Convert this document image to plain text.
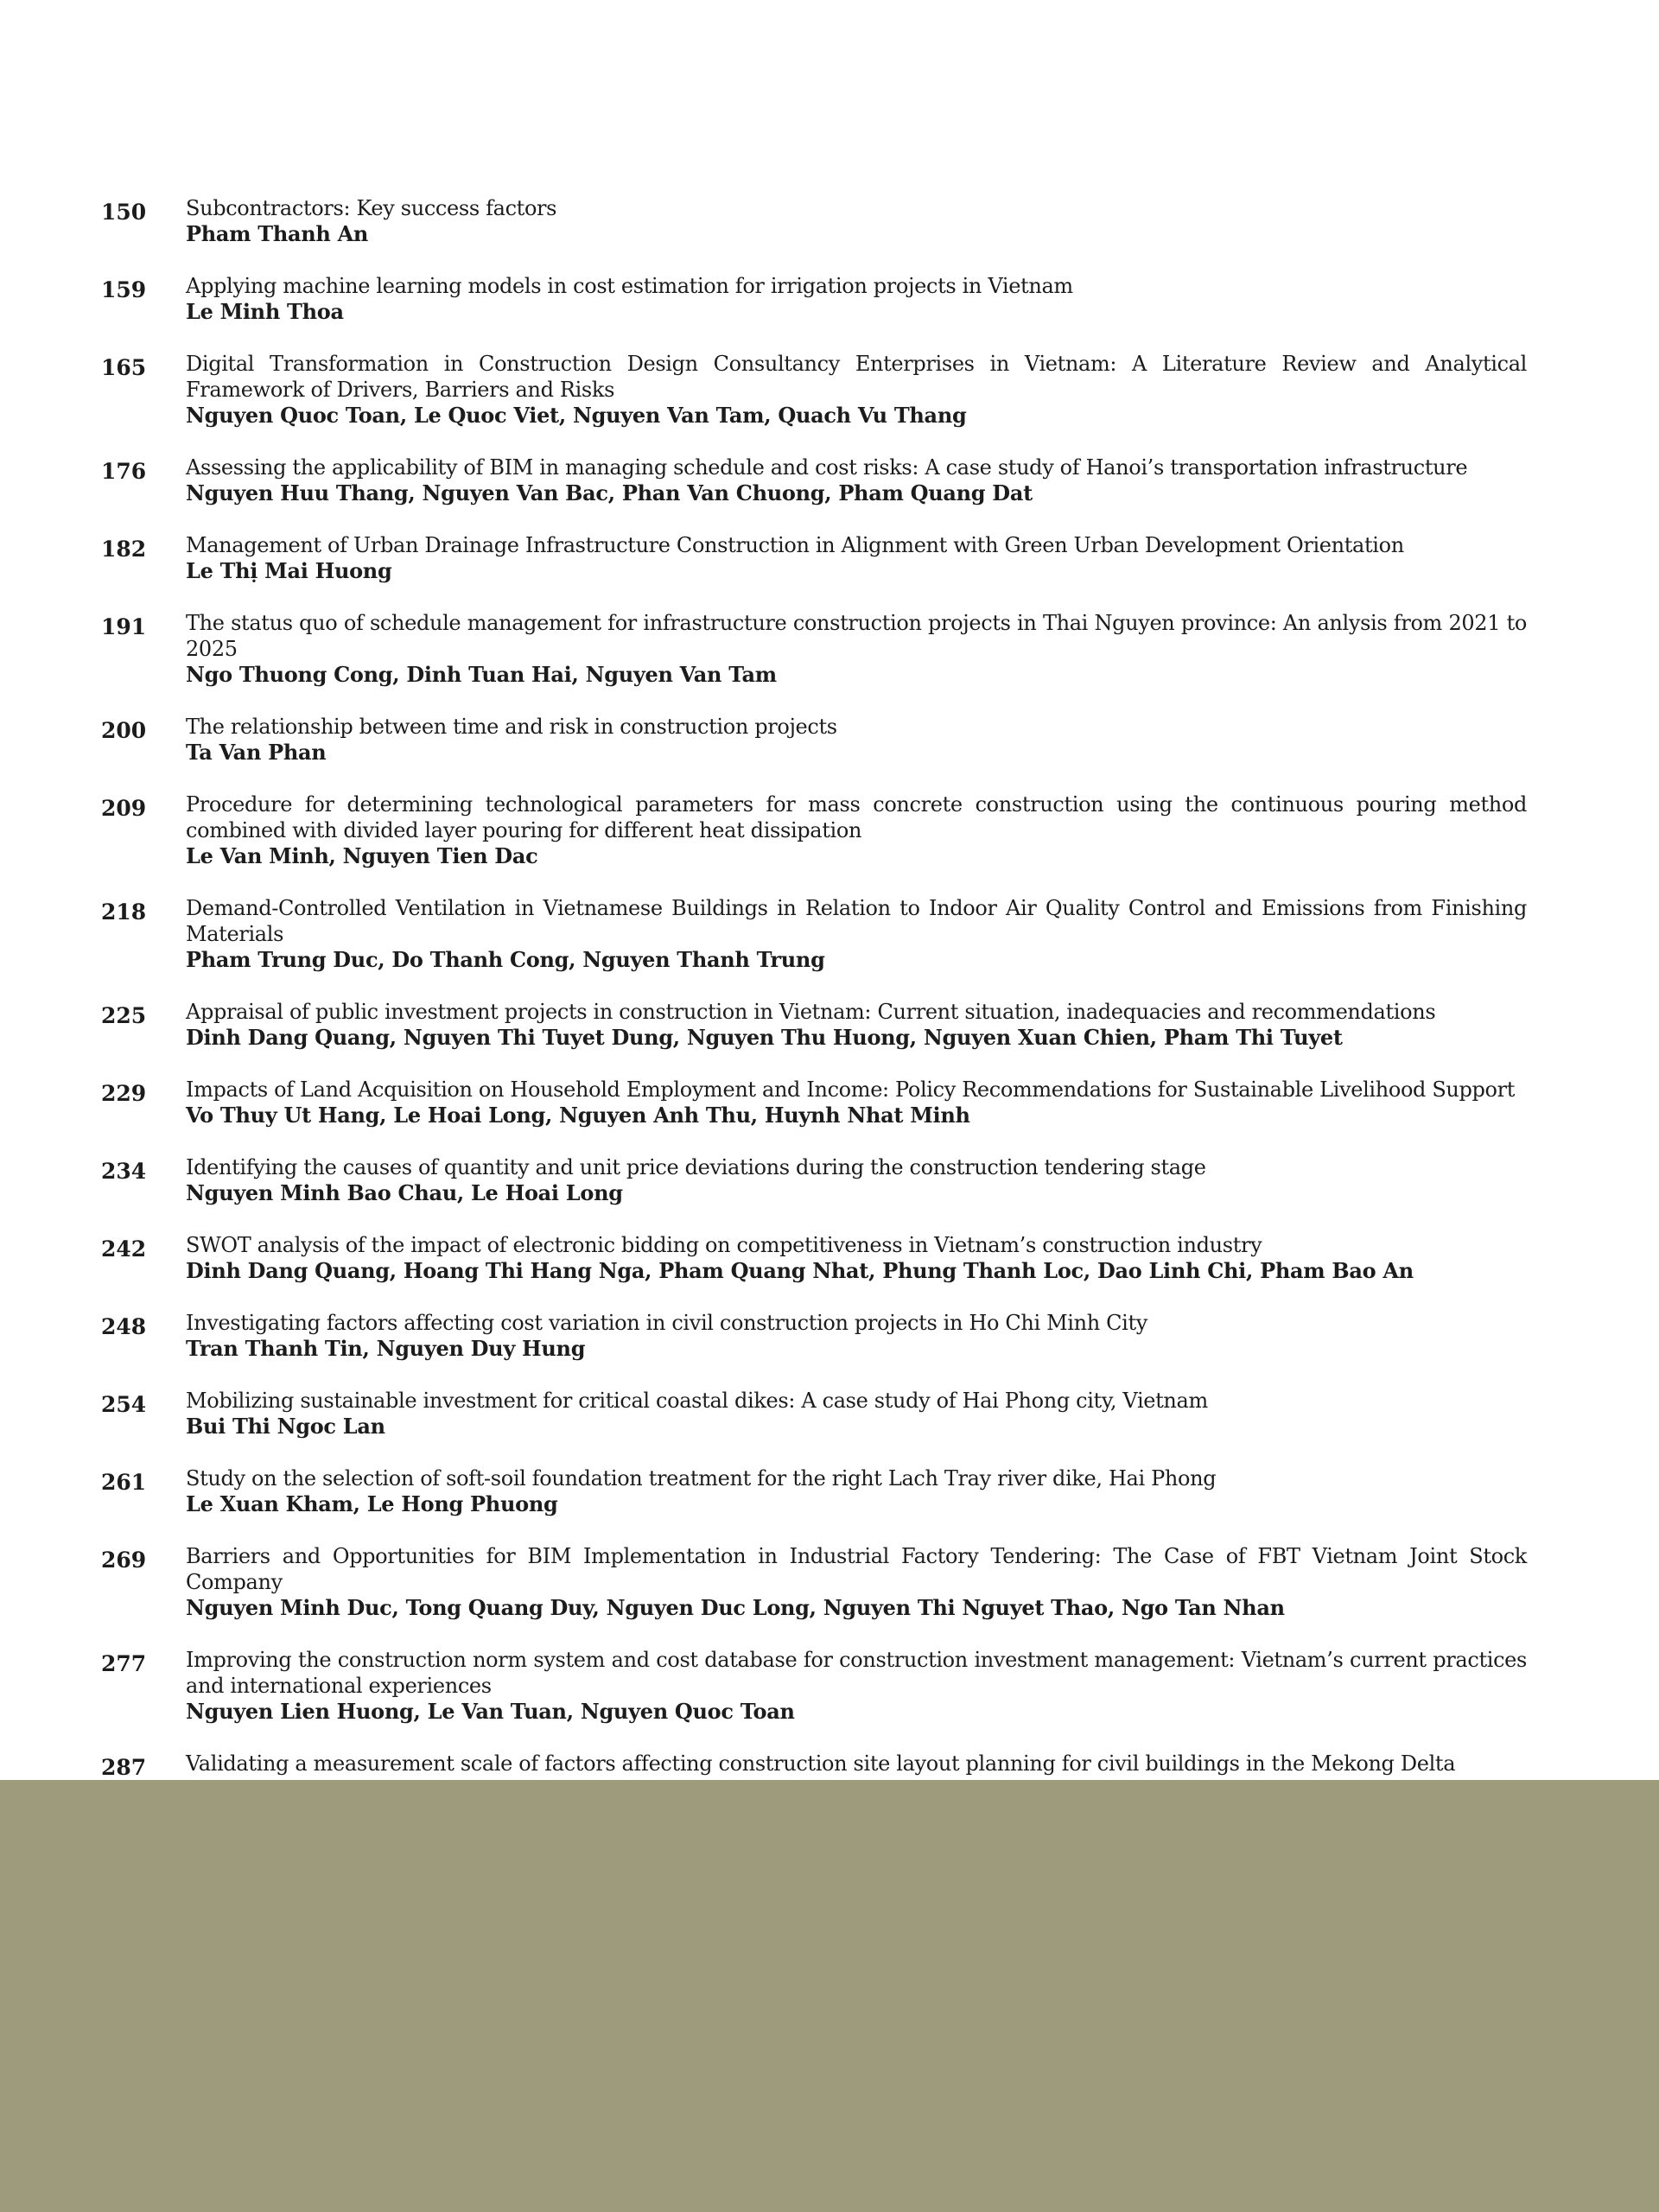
150	Subcontractors: Key success factors
Pham Thanh An
159	Applying machine learning models in cost estimation for irrigation projects in Vietnam
Le Minh Thoa
165	Digital Transformation in Construction Design Consultancy Enterprises in Vietnam: A Literature Review and Analytical Framework of Drivers, Barriers and Risks
Nguyen Quoc Toan, Le Quoc Viet, Nguyen Van Tam, Quach Vu Thang
176	Assessing the applicability of BIM in managing schedule and cost risks: A case study of Hanoi’s transportation infrastructure
Nguyen Huu Thang, Nguyen Van Bac, Phan Van Chuong, Pham Quang Dat
182	Management of Urban Drainage Infrastructure Construction in Alignment with Green Urban Development Orientation
Le Thị Mai Huong
191	The status quo of schedule management for infrastructure construction projects in Thai Nguyen province: An anlysis from 2021 to 2025
Ngo Thuong Cong, Dinh Tuan Hai, Nguyen Van Tam
200	The relationship between time and risk in construction projects
Ta Van Phan
209	Procedure for determining technological parameters for mass concrete construction using the continuous pouring method combined with divided layer pouring for different heat dissipation
Le Van Minh, Nguyen Tien Dac
218	Demand-Controlled Ventilation in Vietnamese Buildings in Relation to Indoor Air Quality Control and Emissions from Finishing Materials
Pham Trung Duc, Do Thanh Cong, Nguyen Thanh Trung
225	Appraisal of public investment projects in construction in Vietnam: Current situation, inadequacies and recommendations
Dinh Dang Quang, Nguyen Thi Tuyet Dung, Nguyen Thu Huong, Nguyen Xuan Chien, Pham Thi Tuyet
229	Impacts of Land Acquisition on Household Employment and Income: Policy Recommendations for Sustainable Livelihood Support
Vo Thuy Ut Hang, Le Hoai Long, Nguyen Anh Thu, Huynh Nhat Minh
234	Identifying the causes of quantity and unit price deviations during the construction tendering stage
Nguyen Minh Bao Chau, Le Hoai Long
242	SWOT analysis of the impact of electronic bidding on competitiveness in Vietnam’s construction industry
Dinh Dang Quang, Hoang Thi Hang Nga, Pham Quang Nhat, Phung Thanh Loc, Dao Linh Chi, Pham Bao An
248	Investigating factors affecting cost variation in civil construction projects in Ho Chi Minh City
Tran Thanh Tin, Nguyen Duy Hung
254	Mobilizing sustainable investment for critical coastal dikes: A case study of Hai Phong city, Vietnam
Bui Thi Ngoc Lan
261	Study on the selection of soft-soil foundation treatment for the right Lach Tray river dike, Hai Phong
Le Xuan Kham, Le Hong Phuong
269	Barriers and Opportunities for BIM Implementation in Industrial Factory Tendering: The Case of FBT Vietnam Joint Stock Company
Nguyen Minh Duc, Tong Quang Duy, Nguyen Duc Long, Nguyen Thi Nguyet Thao, Ngo Tan Nhan
277	Improving the construction norm system and cost database for construction investment management: Vietnam’s current practices and international experiences
Nguyen Lien Huong, Le Van Tuan, Nguyen Quoc Toan
287	Validating a measurement scale of factors affecting construction site layout planning for civil buildings in the Mekong Delta
